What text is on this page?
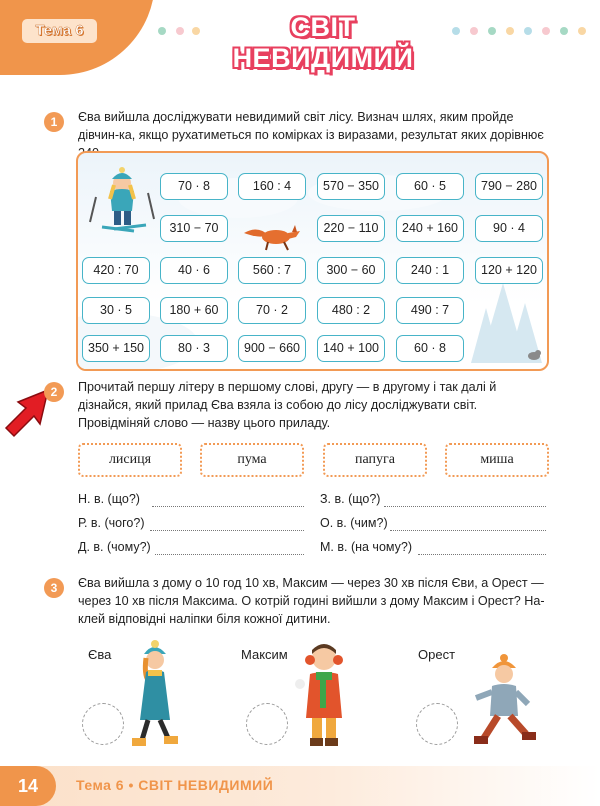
Тема 6	СВІТ НЕВИДИМИЙ
1	Єва вийшла досліджувати невидимий світ лісу. Визнач шлях, яким пройде дівчин-ка, якщо рухатиметься по комірках із виразами, результат яких дорівнює

70 · 8	160 : 4	570 − 350	60 · 5	790 − 280
310 − 70	220 − 110	240 + 160	90 · 4
420 : 70	40 · 6	560 : 7	300 − 60	240 : 1	120 + 120
30 · 5	180 + 60	70 · 2	480 : 2	490 : 7
350 + 150	80 · 3	900 − 660	140 + 100	60 · 8
2	Прочитай першу літеру в першому слові, другу — в другому і так далі й дізнайся, який прилад Єва взяла із собою до лісу досліджувати світ. Провідміняй слово — назву цього приладу.

лисиця	пума	папуга	миша
Н. в. (що?)
Р. в. (чого?)
Д. в. (чому?)
З. в. (що?)
О. в. (чим?)
М. в. (на чому?)
3	Єва вийшла з дому о 10 год 10 хв, Максим — через 30 хв після Єви, а Орест — через 10 хв після Максима. О котрій годині вийшли з дому Максим і Орест? На-клей відповідні наліпки біля кожної дитини.

Єва	Максим	Орест
14	Тема 6 • СВІТ НЕВИДИМИЙ
